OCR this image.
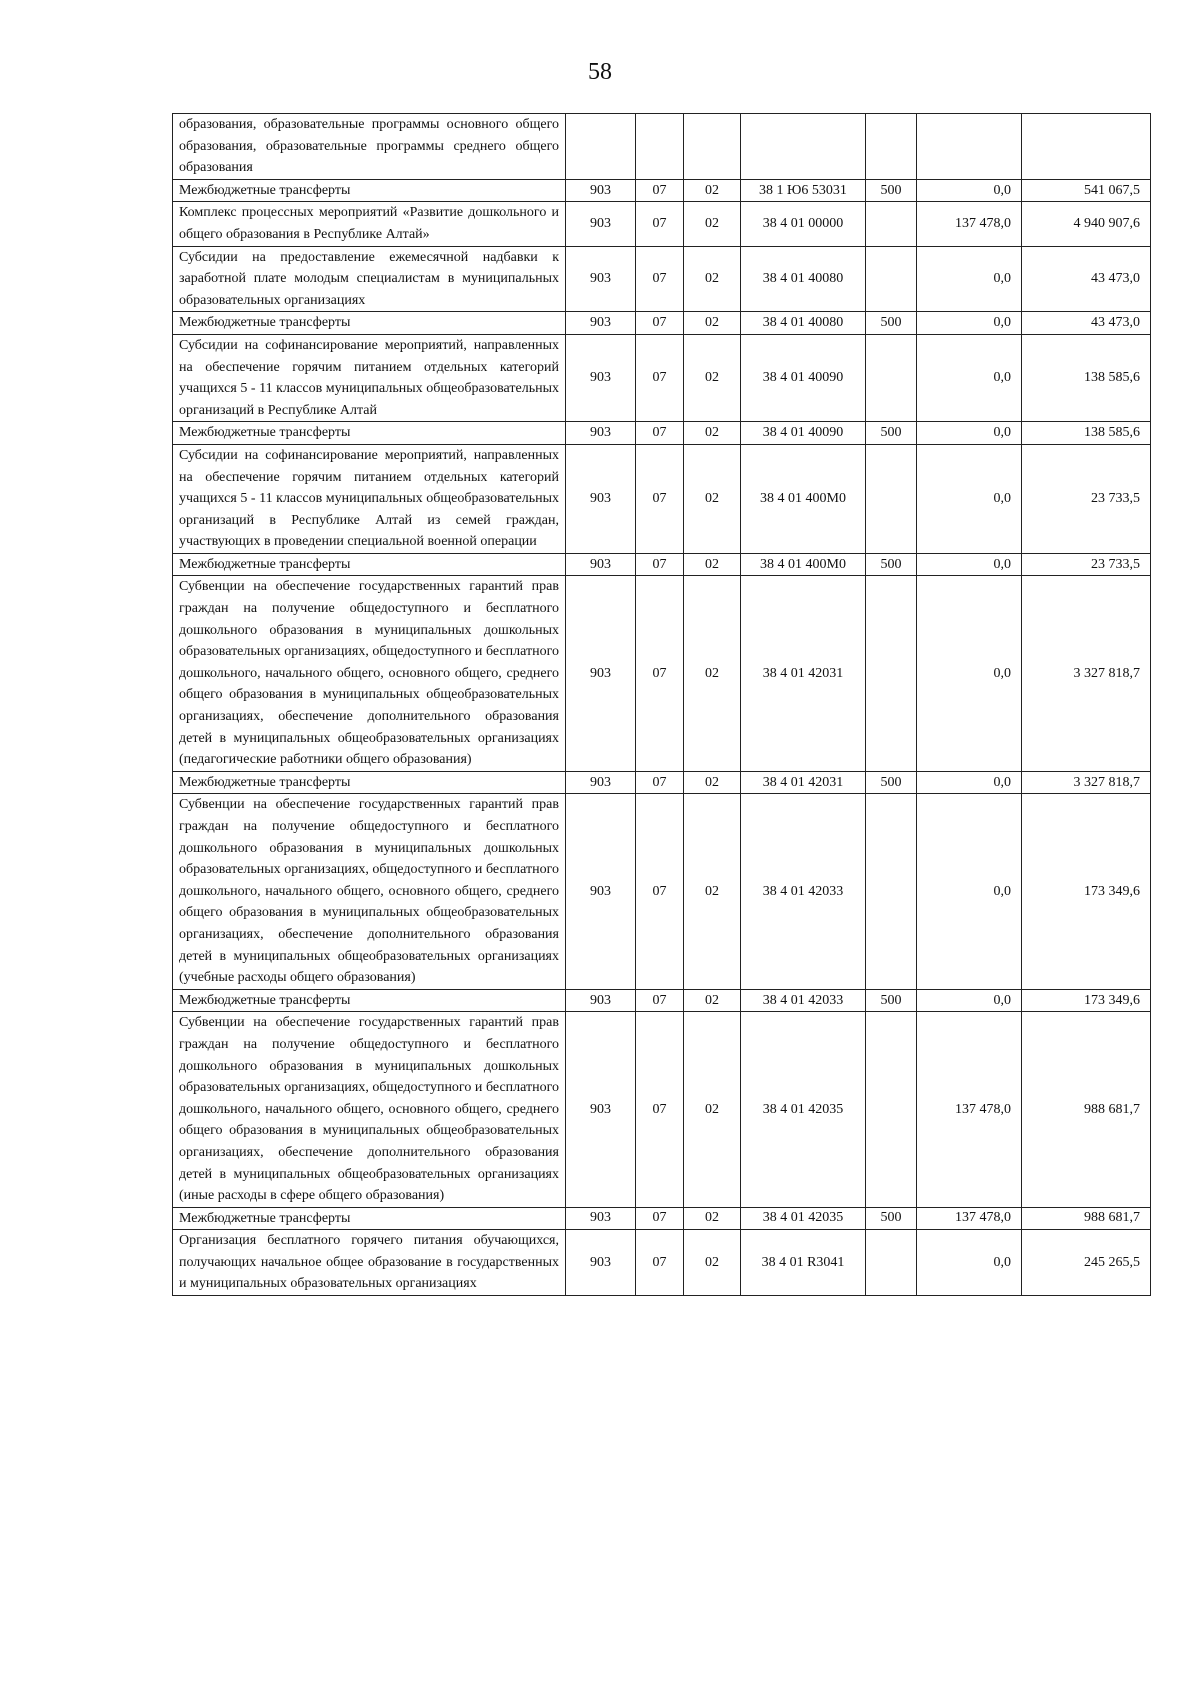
58
образования, образовательные программы основного общего образования, образовательные программы среднего общего образования							
Межбюджетные трансферты	903	07	02	38 1 Ю6 53031	500	0,0	541 067,5
Комплекс процессных мероприятий «Развитие дошкольного и общего образования в Республике Алтай»	903	07	02	38 4 01 00000		137 478,0	4 940 907,6
Субсидии на предоставление ежемесячной надбавки к заработной плате молодым специалистам в муниципальных образовательных организациях	903	07	02	38 4 01 40080		0,0	43 473,0
Межбюджетные трансферты	903	07	02	38 4 01 40080	500	0,0	43 473,0
Субсидии на софинансирование мероприятий, направленных на обеспечение горячим питанием отдельных категорий учащихся 5 - 11 классов муниципальных общеобразовательных организаций в Республике Алтай	903	07	02	38 4 01 40090		0,0	138 585,6
Межбюджетные трансферты	903	07	02	38 4 01 40090	500	0,0	138 585,6
Субсидии на софинансирование мероприятий, направленных на обеспечение горячим питанием отдельных категорий учащихся 5 - 11 классов муниципальных общеобразовательных организаций в Республике Алтай из семей граждан, участвующих в проведении специальной военной операции	903	07	02	38 4 01 400М0		0,0	23 733,5
Межбюджетные трансферты	903	07	02	38 4 01 400М0	500	0,0	23 733,5
Субвенции на обеспечение государственных гарантий прав граждан на получение общедоступного и бесплатного дошкольного образования в муниципальных дошкольных образовательных организациях, общедоступного и бесплатного дошкольного, начального общего, основного общего, среднего общего образования в муниципальных общеобразовательных организациях, обеспечение дополнительного образования детей в муниципальных общеобразовательных организациях (педагогические работники общего образования)	903	07	02	38 4 01 42031		0,0	3 327 818,7
Межбюджетные трансферты	903	07	02	38 4 01 42031	500	0,0	3 327 818,7
Субвенции на обеспечение государственных гарантий прав граждан на получение общедоступного и бесплатного дошкольного образования в муниципальных дошкольных образовательных организациях, общедоступного и бесплатного дошкольного, начального общего, основного общего, среднего общего образования в муниципальных общеобразовательных организациях, обеспечение дополнительного образования детей в муниципальных общеобразовательных организациях (учебные расходы общего образования)	903	07	02	38 4 01 42033		0,0	173 349,6
Межбюджетные трансферты	903	07	02	38 4 01 42033	500	0,0	173 349,6
Субвенции на обеспечение государственных гарантий прав граждан на получение общедоступного и бесплатного дошкольного образования в муниципальных дошкольных образовательных организациях, общедоступного и бесплатного дошкольного, начального общего, основного общего, среднего общего образования в муниципальных общеобразовательных организациях, обеспечение дополнительного образования детей в муниципальных общеобразовательных организациях (иные расходы в сфере общего образования)	903	07	02	38 4 01 42035		137 478,0	988 681,7
Межбюджетные трансферты	903	07	02	38 4 01 42035	500	137 478,0	988 681,7
Организация бесплатного горячего питания обучающихся, получающих начальное общее образование в государственных и муниципальных образовательных организациях	903	07	02	38 4 01 R3041		0,0	245 265,5
